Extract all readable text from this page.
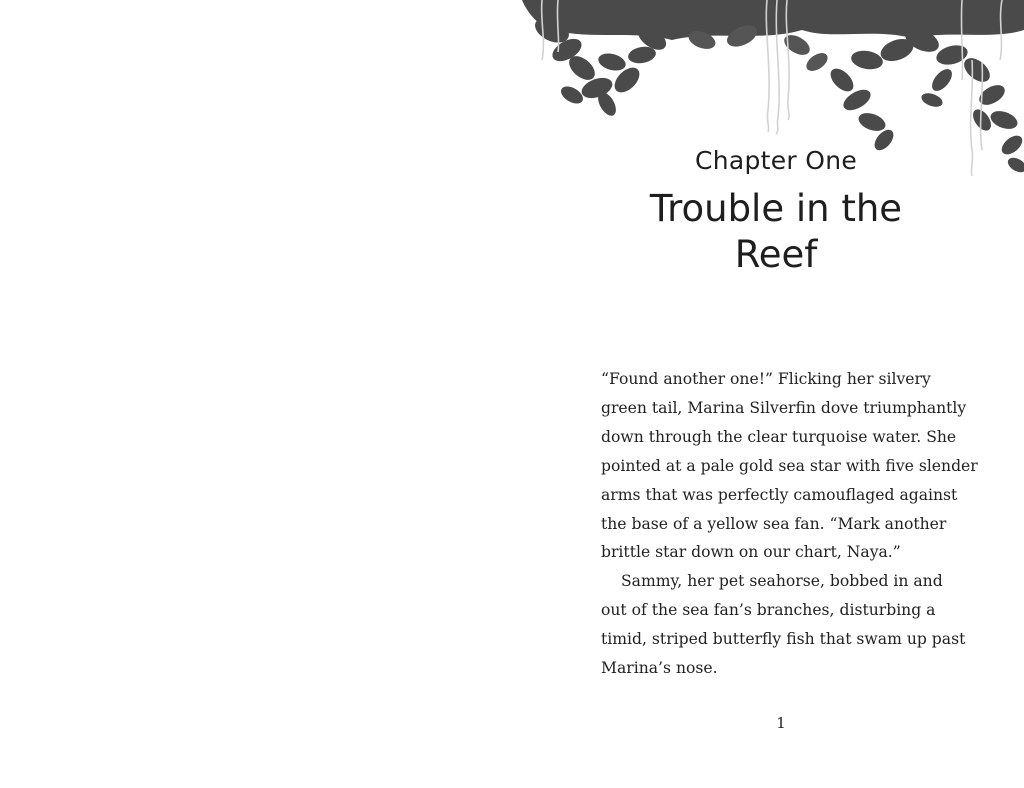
Chapter One
Trouble in the
Reef
“Found another one!” Flicking her silvery
green tail, Marina Silverfin dove triumphantly
down through the clear turquoise water. She
pointed at a pale gold sea star with five slender
arms that was perfectly camouflaged against
the base of a yellow sea fan. “Mark another
brittle star down on our chart, Naya.”
Sammy, her pet seahorse, bobbed in and
out of the sea fan’s branches, disturbing a
timid, striped butterfly fish that swam up past
Marina’s nose.
1
